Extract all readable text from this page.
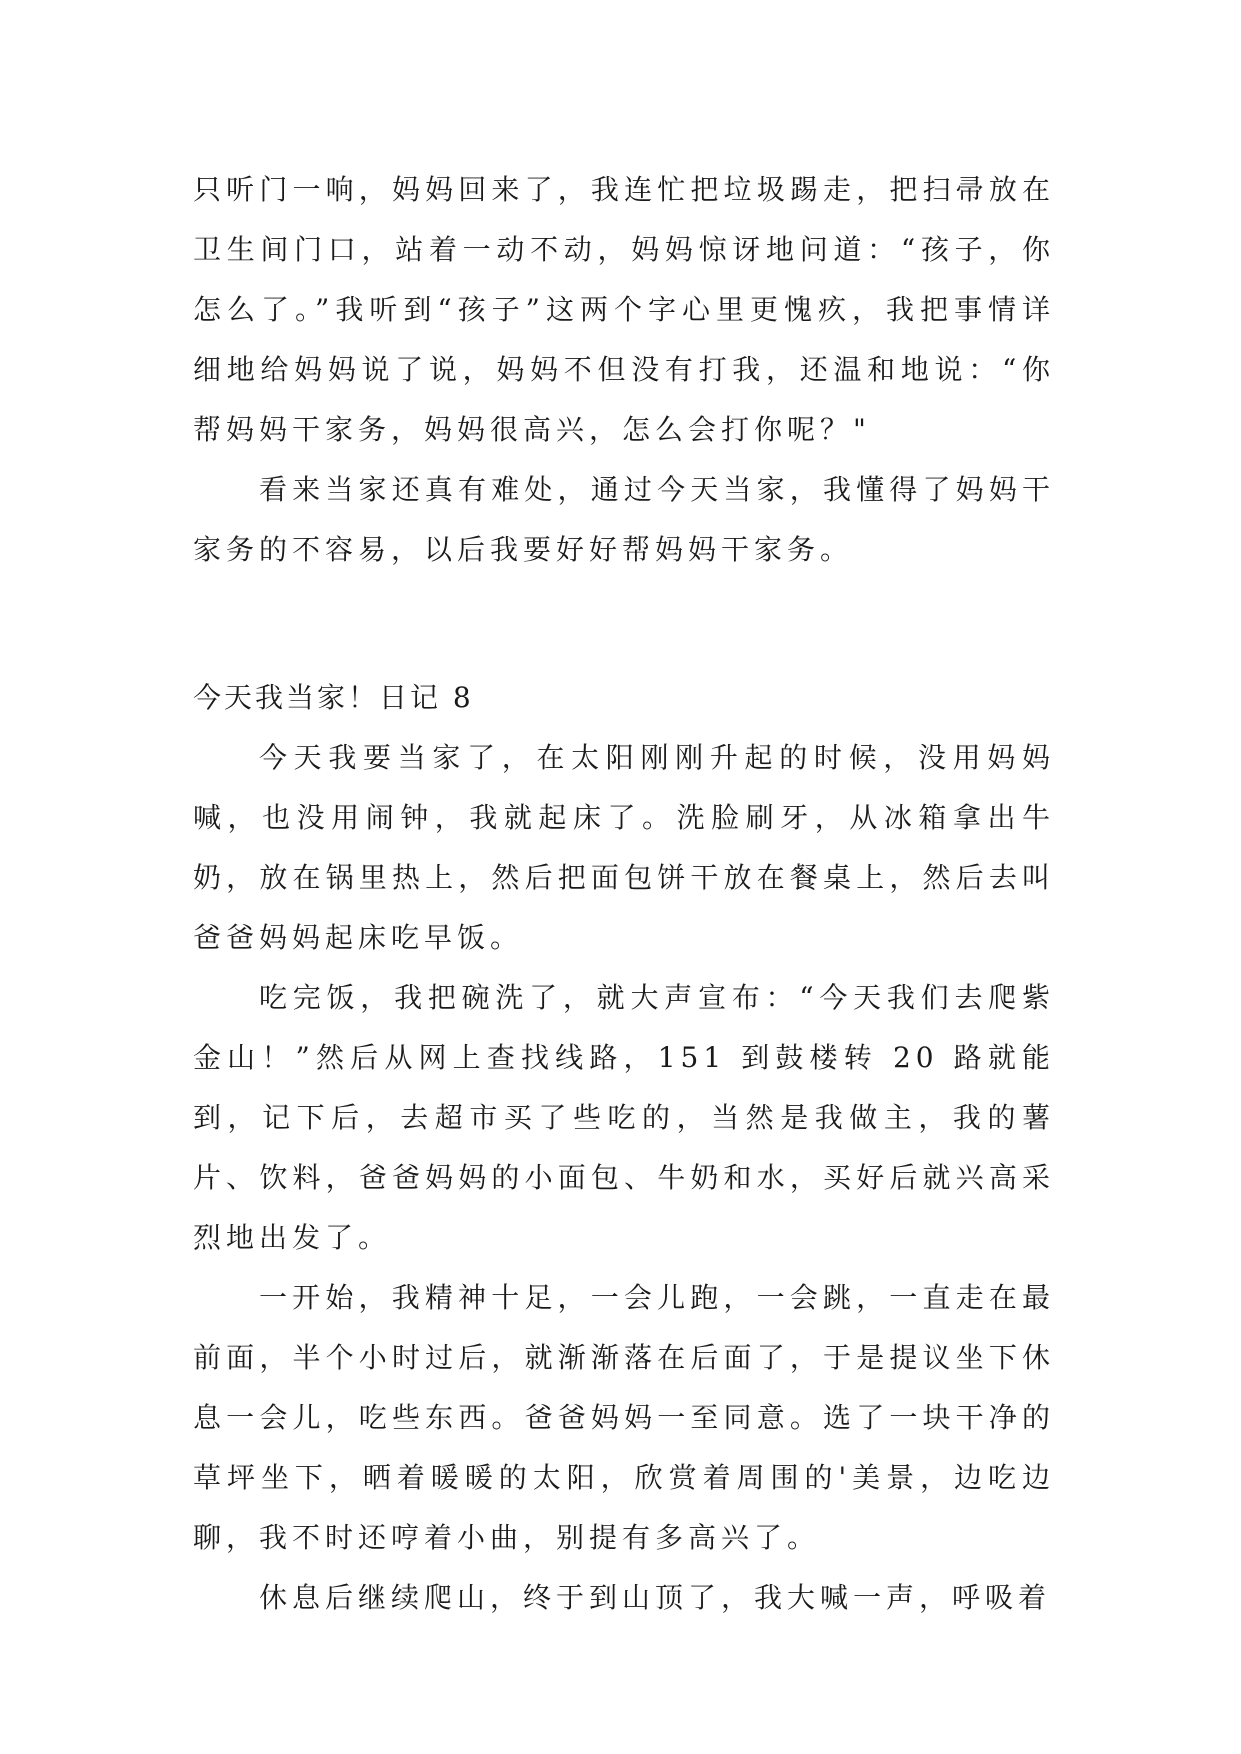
只听门一响，妈妈回来了，我连忙把垃圾踢走，把扫帚放在卫生间门口，站着一动不动，妈妈惊讶地问道：“孩子，你怎么了。”我听到“孩子”这两个字心里更愧疚，我把事情详细地给妈妈说了说，妈妈不但没有打我，还温和地说：“你帮妈妈干家务，妈妈很高兴，怎么会打你呢？"

看来当家还真有难处，通过今天当家，我懂得了妈妈干家务的不容易，以后我要好好帮妈妈干家务。

今天我当家！日记 8

今天我要当家了，在太阳刚刚升起的时候，没用妈妈喊，也没用闹钟，我就起床了。洗脸刷牙，从冰箱拿出牛奶，放在锅里热上，然后把面包饼干放在餐桌上，然后去叫爸爸妈妈起床吃早饭。

吃完饭，我把碗洗了，就大声宣布：“今天我们去爬紫金山！”然后从网上查找线路，151 到鼓楼转 20 路就能到，记下后，去超市买了些吃的，当然是我做主，我的薯片、饮料，爸爸妈妈的小面包、牛奶和水，买好后就兴高采烈地出发了。

一开始，我精神十足，一会儿跑，一会跳，一直走在最前面，半个小时过后，就渐渐落在后面了，于是提议坐下休息一会儿，吃些东西。爸爸妈妈一至同意。选了一块干净的草坪坐下，晒着暖暖的太阳，欣赏着周围的'美景，边吃边聊，我不时还哼着小曲，别提有多高兴了。

休息后继续爬山，终于到山顶了，我大喊一声，呼吸着
